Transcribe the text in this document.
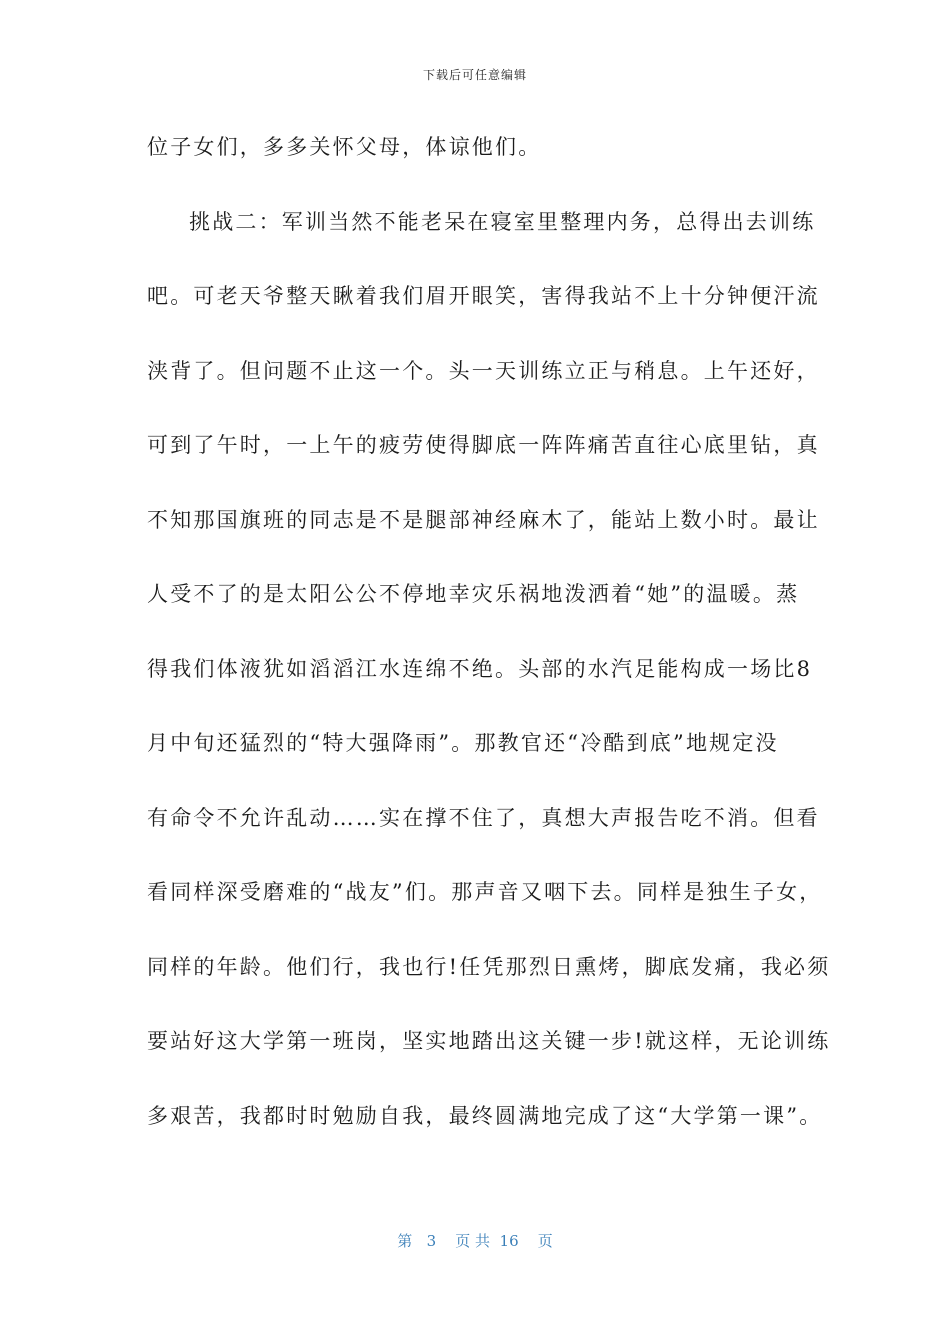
下载后可任意编辑
位子女们，多多关怀父母，体谅他们。
挑战二：军训当然不能老呆在寝室里整理内务，总得出去训练
吧。可老天爷整天瞅着我们眉开眼笑，害得我站不上十分钟便汗流
浃背了。但问题不止这一个。头一天训练立正与稍息。上午还好，
可到了午时，一上午的疲劳使得脚底一阵阵痛苦直往心底里钻，真
不知那国旗班的同志是不是腿部神经麻木了，能站上数小时。最让
人受不了的是太阳公公不停地幸灾乐祸地泼洒着“她”的温暖。蒸
得我们体液犹如滔滔江水连绵不绝。头部的水汽足能构成一场比8
月中旬还猛烈的“特大强降雨”。那教官还“冷酷到底”地规定没
有命令不允许乱动……实在撑不住了，真想大声报告吃不消。但看
看同样深受磨难的“战友”们。那声音又咽下去。同样是独生子女，
同样的年龄。他们行，我也行!任凭那烈日熏烤，脚底发痛，我必须
要站好这大学第一班岗，坚实地踏出这关键一步!就这样，无论训练
多艰苦，我都时时勉励自我，最终圆满地完成了这“大学第一课”。
第 3 页 共 16 页
